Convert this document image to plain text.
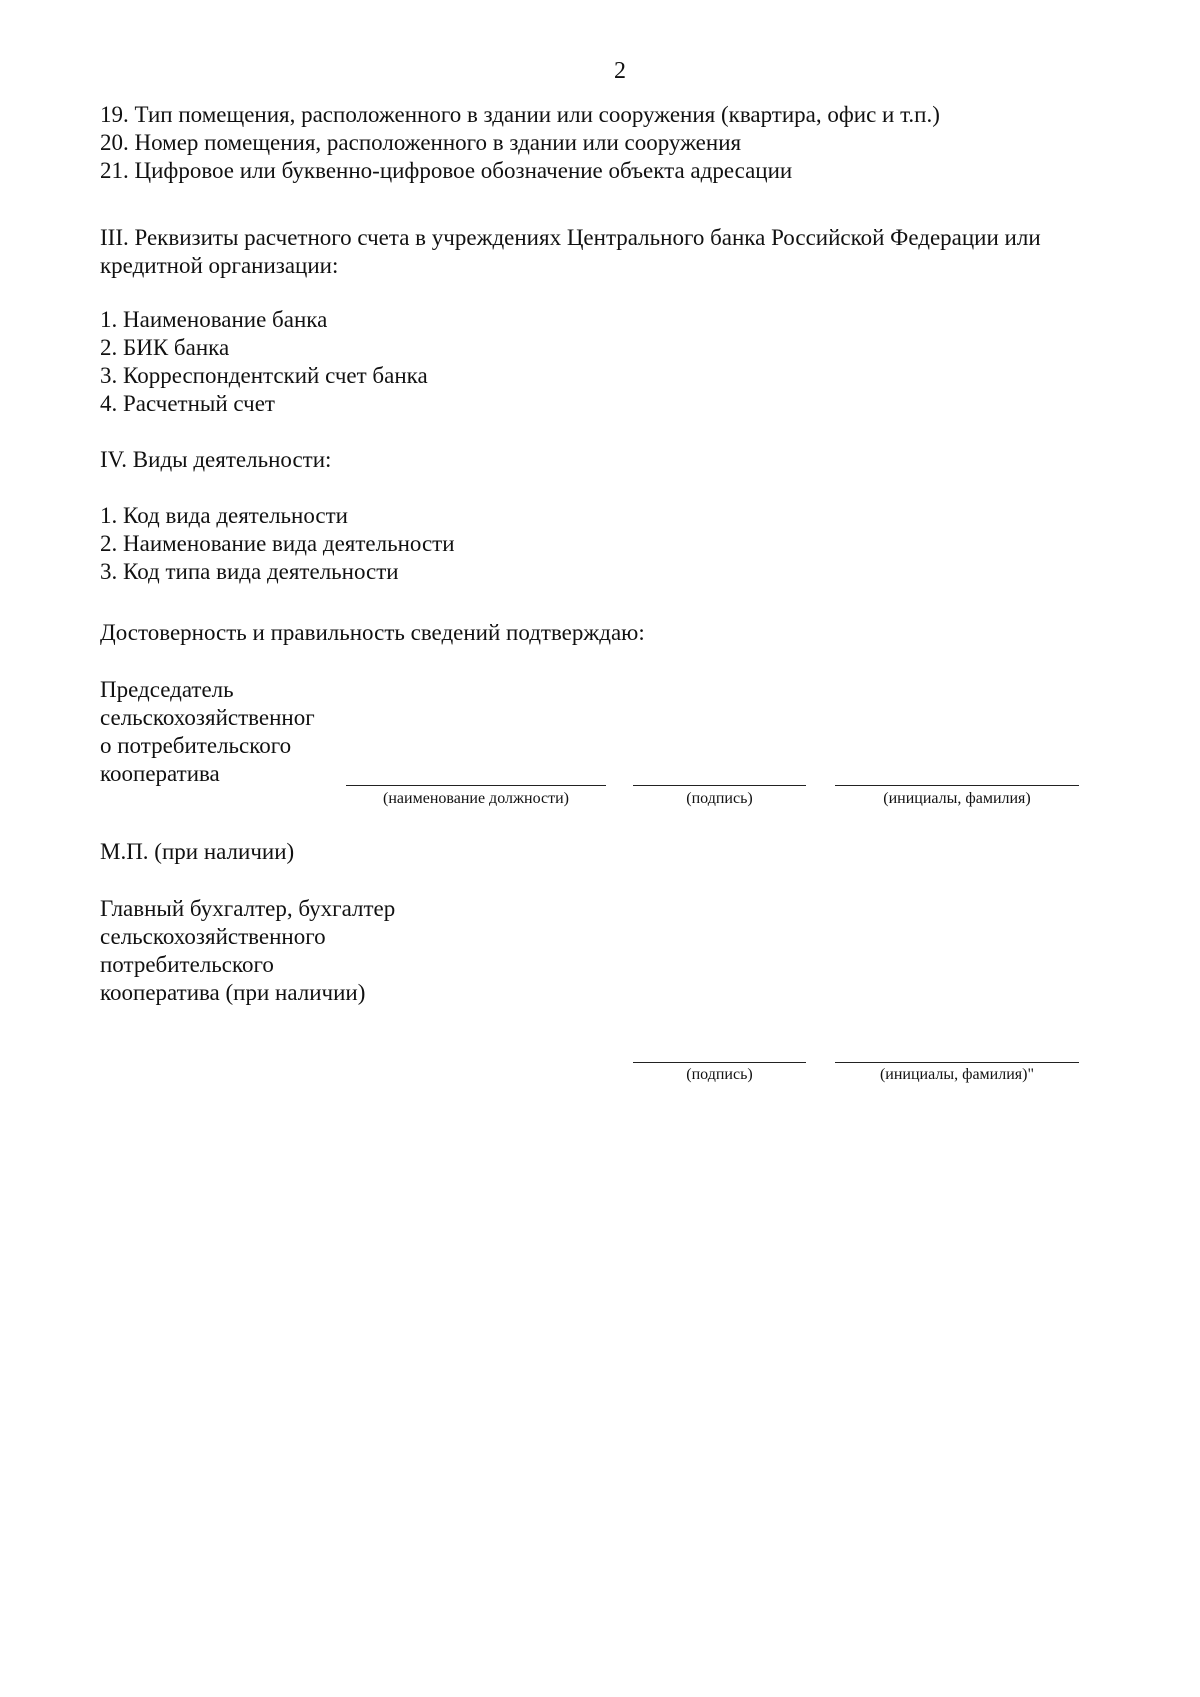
2
19. Тип помещения, расположенного в здании или сооружения (квартира, офис и т.п.)
20. Номер помещения, расположенного в здании или сооружения
21. Цифровое или буквенно-цифровое обозначение объекта адресации
III. Реквизиты расчетного счета в учреждениях Центрального банка Российской Федерации или кредитной организации:
1. Наименование банка
2. БИК банка
3. Корреспондентский счет банка
4. Расчетный счет
IV. Виды деятельности:
1. Код вида деятельности
2. Наименование вида деятельности
3. Код типа вида деятельности
Достоверность и правильность сведений подтверждаю:
Председатель
сельскохозяйственног
о потребительского
кооператива
(наименование должности)	(подпись)	(инициалы, фамилия)
М.П. (при наличии)
Главный бухгалтер, бухгалтер
сельскохозяйственного
потребительского
кооператива (при наличии)
(подпись)	(инициалы, фамилия)"
